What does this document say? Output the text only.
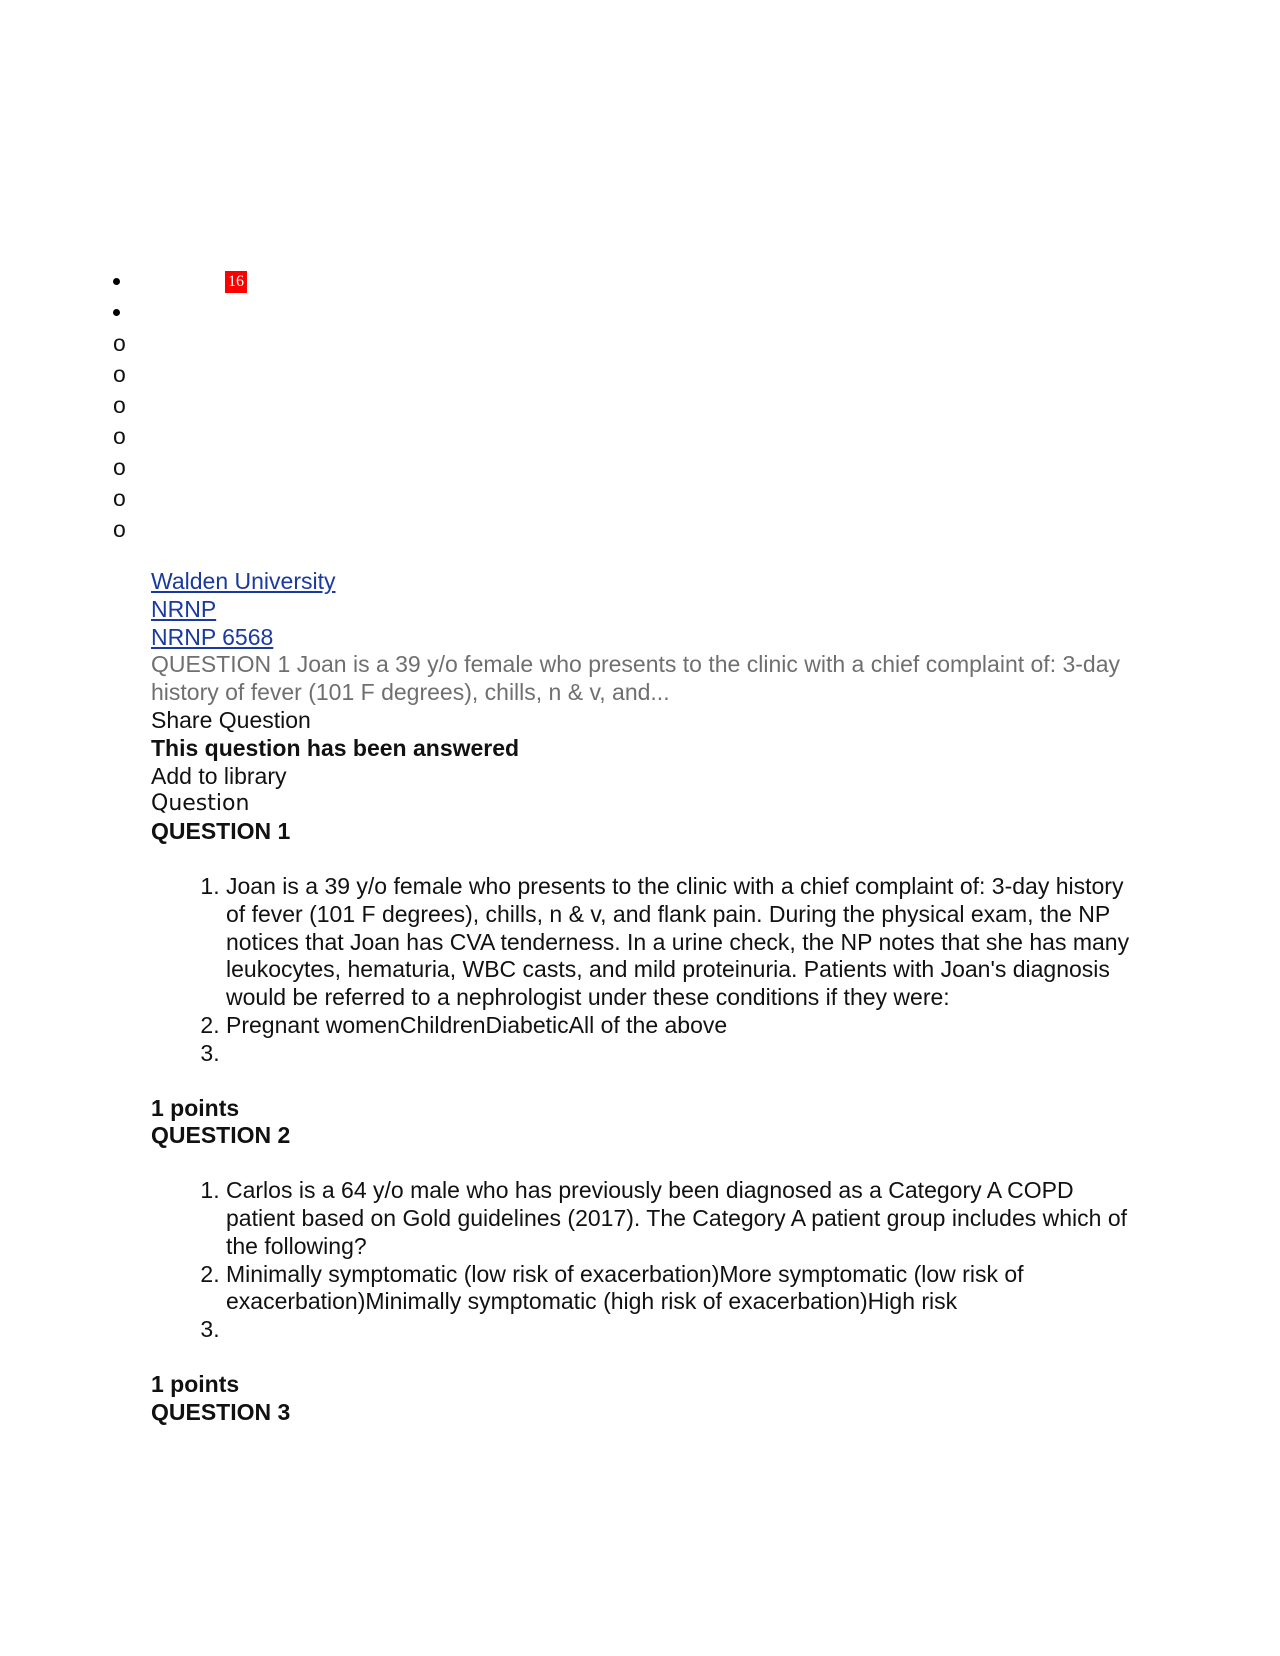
16
Walden University
NRNP
NRNP 6568
QUESTION 1 Joan is a 39 y/o female who presents to the clinic with a chief complaint of: 3-day history of fever (101 F degrees), chills, n & v, and...
Share Question
This question has been answered
Add to library
Question
QUESTION 1
1. Joan is a 39 y/o female who presents to the clinic with a chief complaint of: 3-day history of fever (101 F degrees), chills, n & v, and flank pain. During the physical exam, the NP notices that Joan has CVA tenderness. In a urine check, the NP notes that she has many leukocytes, hematuria, WBC casts, and mild proteinuria. Patients with Joan's diagnosis would be referred to a nephrologist under these conditions if they were:
2. Pregnant womenChildrenDiabeticAll of the above
3.
1 points
QUESTION 2
1. Carlos is a 64 y/o male who has previously been diagnosed as a Category A COPD patient based on Gold guidelines (2017). The Category A patient group includes which of the following?
2. Minimally symptomatic (low risk of exacerbation)More symptomatic (low risk of exacerbation)Minimally symptomatic (high risk of exacerbation)High risk
3.
1 points
QUESTION 3
